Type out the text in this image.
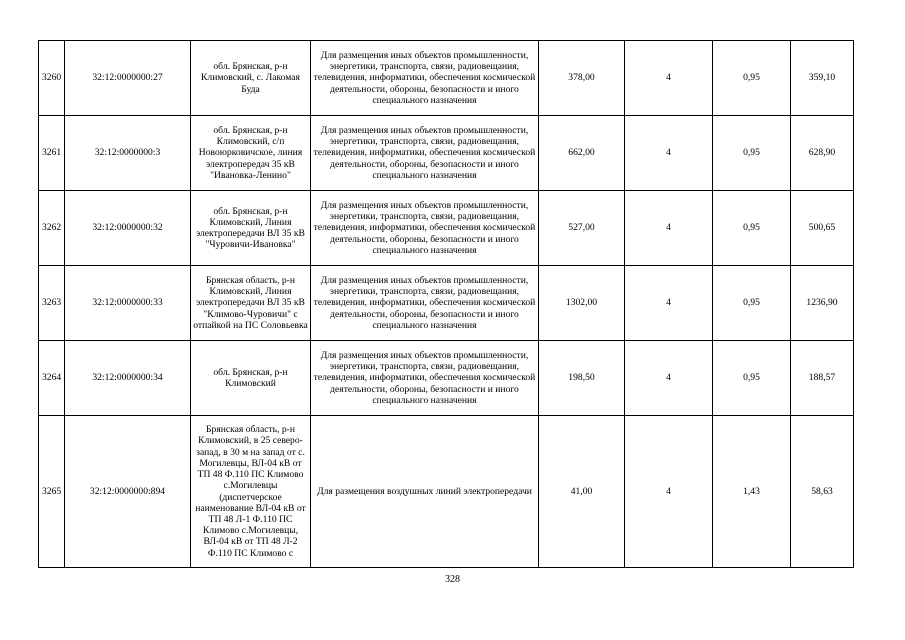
3260	32:12:0000000:27	обл. Брянская, р-н Климовский, с. Лакомая Буда	Для размещения иных объектов промышленности, энергетики, транспорта, связи, радиовещания, телевидения, информатики, обеспечения космической деятельности, обороны, безопасности и иного специального назначения	378,00	4	0,95	359,10
3261	32:12:0000000:3	обл. Брянская, р-н Климовский, с/п Новоюрковичское, линия электропередач 35 кВ "Ивановка-Ленино"	Для размещения иных объектов промышленности, энергетики, транспорта, связи, радиовещания, телевидения, информатики, обеспечения космической деятельности, обороны, безопасности и иного специального назначения	662,00	4	0,95	628,90
3262	32:12:0000000:32	обл. Брянская, р-н Климовский, Линия электропередачи ВЛ 35 кВ "Чуровичи-Ивановка"	Для размещения иных объектов промышленности, энергетики, транспорта, связи, радиовещания, телевидения, информатики, обеспечения космической деятельности, обороны, безопасности и иного специального назначения	527,00	4	0,95	500,65
3263	32:12:0000000:33	Брянская область, р-н Климовский, Линия электропередачи ВЛ 35 кВ "Климово-Чуровичи" с отпайкой на ПС Соловьевка	Для размещения иных объектов промышленности, энергетики, транспорта, связи, радиовещания, телевидения, информатики, обеспечения космической деятельности, обороны, безопасности и иного специального назначения	1302,00	4	0,95	1236,90
3264	32:12:0000000:34	обл. Брянская, р-н Климовский	Для размещения иных объектов промышленности, энергетики, транспорта, связи, радиовещания, телевидения, информатики, обеспечения космической деятельности, обороны, безопасности и иного специального назначения	198,50	4	0,95	188,57
3265	32:12:0000000:894	Брянская область, р-н Климовский, в 25 северо-запад, в 30 м на запад от с. Могилевцы, ВЛ-04 кВ от ТП 48 Ф.110 ПС Климово с.Могилевцы (диспетчерское наименование ВЛ-04 кВ от ТП 48 Л-1 Ф.110 ПС Климово с.Могилевцы, ВЛ-04 кВ от ТП 48 Л-2 Ф.110 ПС Климово с	Для размещения воздушных линий электропередачи	41,00	4	1,43	58,63
328
